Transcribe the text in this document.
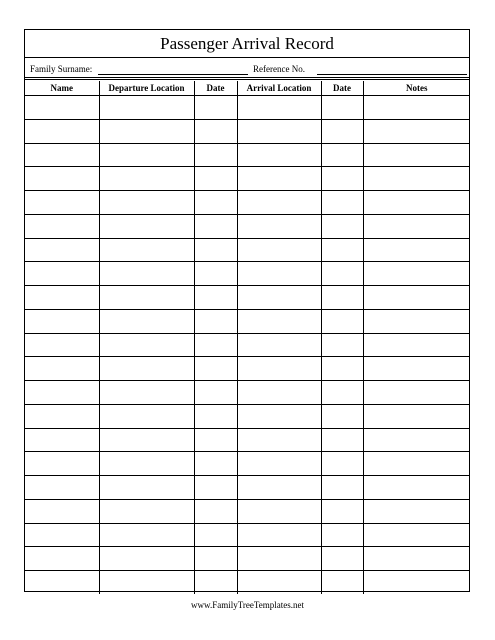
Passenger Arrival Record
Family Surname:	Reference No.
Name	Departure Location	Date	Arrival Location	Date	Notes

www.FamilyTreeTemplates.net
